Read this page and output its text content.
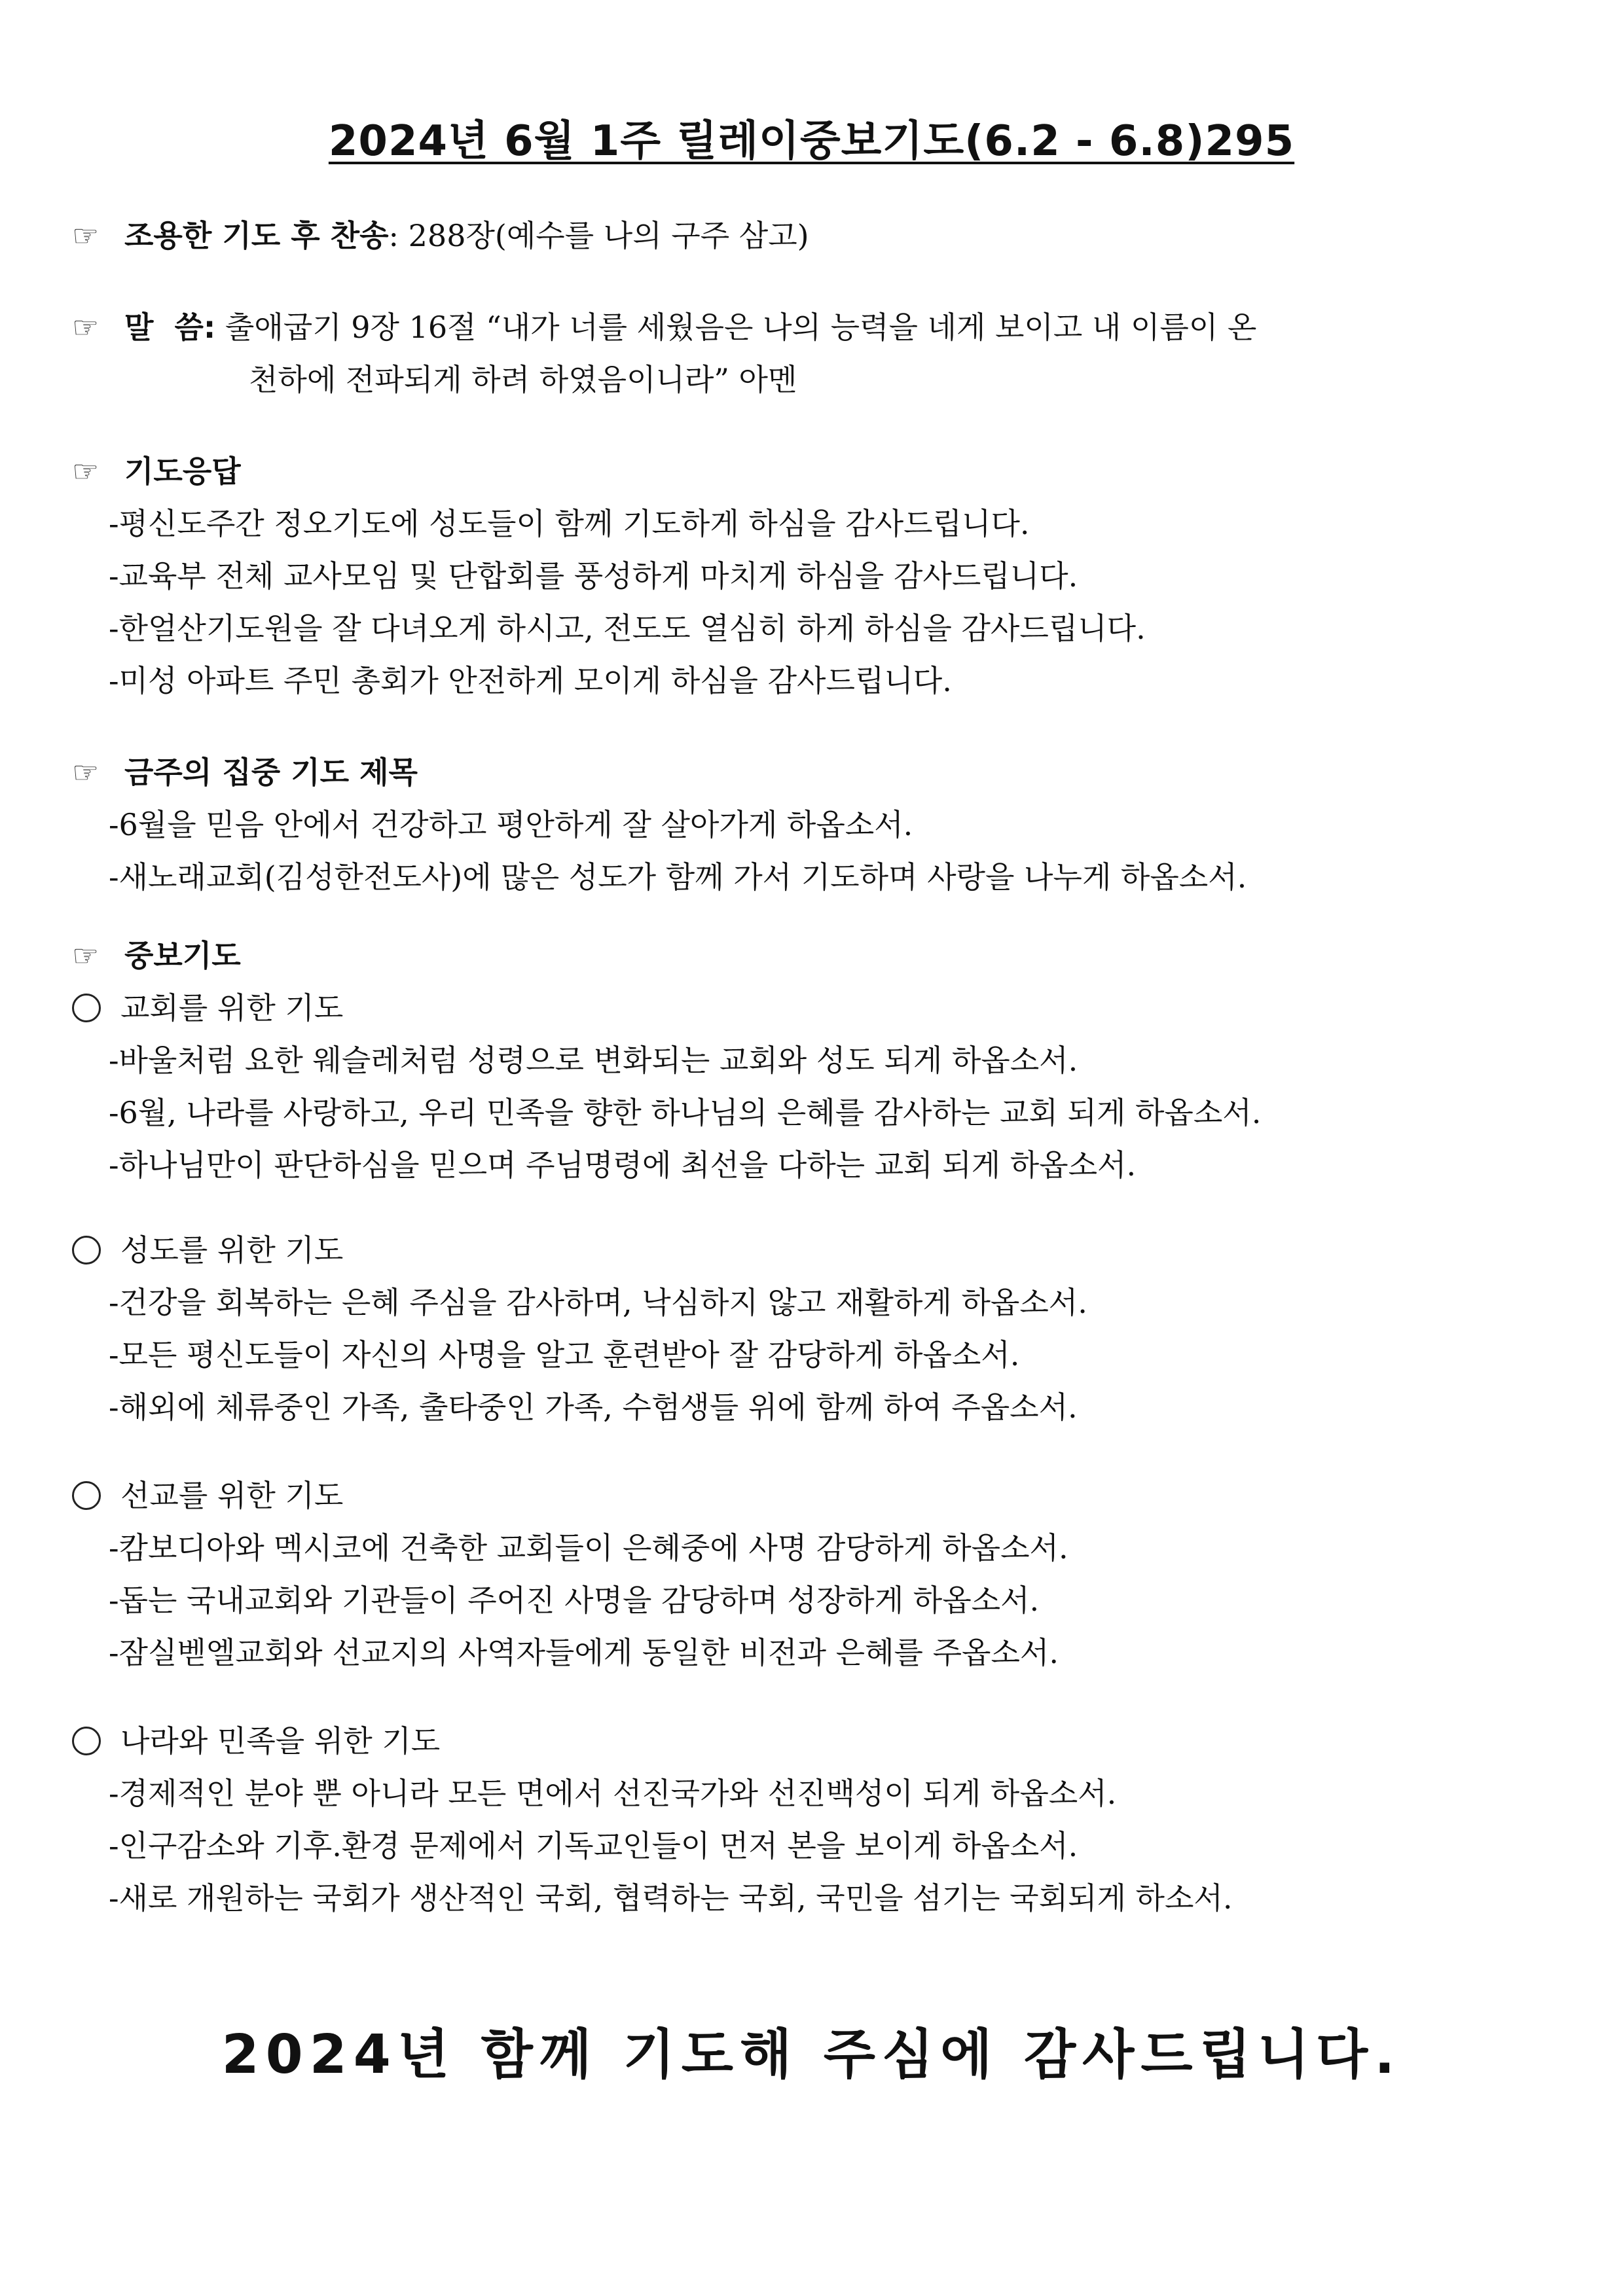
2024년 6월 1주 릴레이중보기도(6.2 - 6.8)295
☞ 조용한 기도 후 찬송: 288장(예수를 나의 구주 삼고)
☞ 말  씀: 출애굽기 9장 16절 “내가 너를 세웠음은 나의 능력을 네게 보이고 내 이름이 온
천하에 전파되게 하려 하였음이니라” 아멘
☞ 기도응답
-평신도주간 정오기도에 성도들이 함께 기도하게 하심을 감사드립니다.
-교육부 전체 교사모임 및 단합회를 풍성하게 마치게 하심을 감사드립니다.
-한얼산기도원을 잘 다녀오게 하시고, 전도도 열심히 하게 하심을 감사드립니다.
-미성 아파트 주민 총회가 안전하게 모이게 하심을 감사드립니다.
☞ 금주의 집중 기도 제목
-6월을 믿음 안에서 건강하고 평안하게 잘 살아가게 하옵소서.
-새노래교회(김성한전도사)에 많은 성도가 함께 가서 기도하며 사랑을 나누게 하옵소서.
☞ 중보기도
교회를 위한 기도
-바울처럼 요한 웨슬레처럼 성령으로 변화되는 교회와 성도 되게 하옵소서.
-6월, 나라를 사랑하고, 우리 민족을 향한 하나님의 은혜를 감사하는 교회 되게 하옵소서.
-하나님만이 판단하심을 믿으며 주님명령에 최선을 다하는 교회 되게 하옵소서.
성도를 위한 기도
-건강을 회복하는 은혜 주심을 감사하며, 낙심하지 않고 재활하게 하옵소서.
-모든 평신도들이 자신의 사명을 알고 훈련받아 잘 감당하게 하옵소서.
-해외에 체류중인 가족, 출타중인 가족, 수험생들 위에 함께 하여 주옵소서.
선교를 위한 기도
-캄보디아와 멕시코에 건축한 교회들이 은혜중에 사명 감당하게 하옵소서.
-돕는 국내교회와 기관들이 주어진 사명을 감당하며 성장하게 하옵소서.
-잠실벧엘교회와 선교지의 사역자들에게 동일한 비전과 은혜를 주옵소서.
나라와 민족을 위한 기도
-경제적인 분야 뿐 아니라 모든 면에서 선진국가와 선진백성이 되게 하옵소서.
-인구감소와 기후.환경 문제에서 기독교인들이 먼저 본을 보이게 하옵소서.
-새로 개원하는 국회가 생산적인 국회, 협력하는 국회, 국민을 섬기는 국회되게 하소서.
2024년 함께 기도해 주심에 감사드립니다.
